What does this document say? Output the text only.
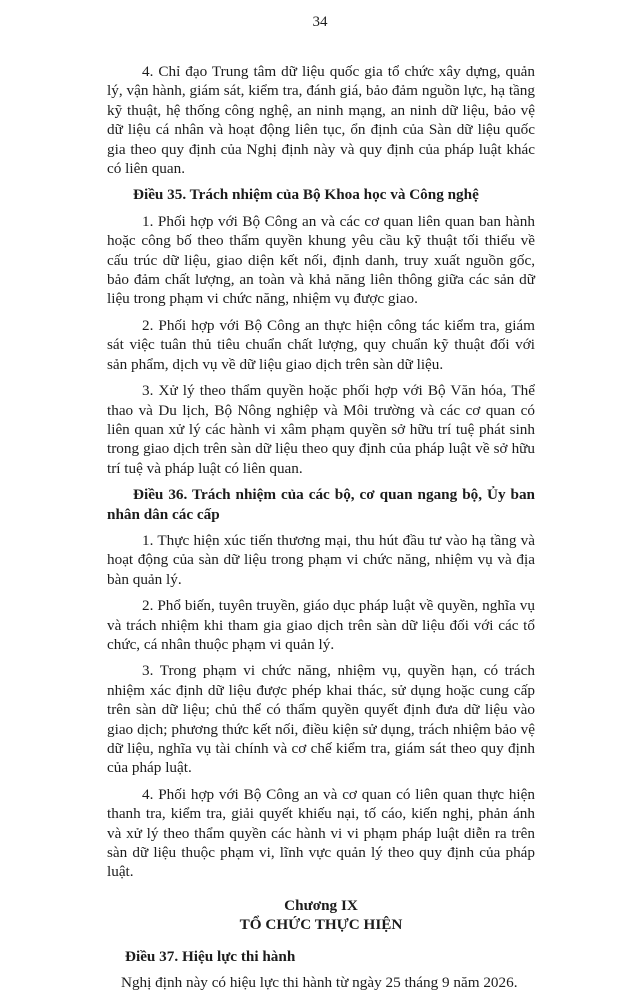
34

4. Chỉ đạo Trung tâm dữ liệu quốc gia tổ chức xây dựng, quản lý, vận hành, giám sát, kiểm tra, đánh giá, bảo đảm nguồn lực, hạ tầng kỹ thuật, hệ thống công nghệ, an ninh mạng, an ninh dữ liệu, bảo vệ dữ liệu cá nhân và hoạt động liên tục, ổn định của Sàn dữ liệu quốc gia theo quy định của Nghị định này và quy định của pháp luật khác có liên quan.

Điều 35. Trách nhiệm của Bộ Khoa học và Công nghệ

1. Phối hợp với Bộ Công an và các cơ quan liên quan ban hành hoặc công bố theo thẩm quyền khung yêu cầu kỹ thuật tối thiểu về cấu trúc dữ liệu, giao diện kết nối, định danh, truy xuất nguồn gốc, bảo đảm chất lượng, an toàn và khả năng liên thông giữa các sản dữ liệu trong phạm vi chức năng, nhiệm vụ được giao.

2. Phối hợp với Bộ Công an thực hiện công tác kiểm tra, giám sát việc tuân thủ tiêu chuẩn chất lượng, quy chuẩn kỹ thuật đối với sản phẩm, dịch vụ về dữ liệu giao dịch trên sàn dữ liệu.

3. Xử lý theo thẩm quyền hoặc phối hợp với Bộ Văn hóa, Thể thao và Du lịch, Bộ Nông nghiệp và Môi trường và các cơ quan có liên quan xử lý các hành vi xâm phạm quyền sở hữu trí tuệ phát sinh trong giao dịch trên sàn dữ liệu theo quy định của pháp luật về sở hữu trí tuệ và pháp luật có liên quan.

Điều 36. Trách nhiệm của các bộ, cơ quan ngang bộ, Ủy ban nhân dân các cấp

1. Thực hiện xúc tiến thương mại, thu hút đầu tư vào hạ tầng và hoạt động của sàn dữ liệu trong phạm vi chức năng, nhiệm vụ và địa bàn quản lý.

2. Phổ biến, tuyên truyền, giáo dục pháp luật về quyền, nghĩa vụ và trách nhiệm khi tham gia giao dịch trên sàn dữ liệu đối với các tổ chức, cá nhân thuộc phạm vi quản lý.

3. Trong phạm vi chức năng, nhiệm vụ, quyền hạn, có trách nhiệm xác định dữ liệu được phép khai thác, sử dụng hoặc cung cấp trên sàn dữ liệu; chủ thể có thẩm quyền quyết định đưa dữ liệu vào giao dịch; phương thức kết nối, điều kiện sử dụng, trách nhiệm bảo vệ dữ liệu, nghĩa vụ tài chính và cơ chế kiểm tra, giám sát theo quy định của pháp luật.

4. Phối hợp với Bộ Công an và cơ quan có liên quan thực hiện thanh tra, kiểm tra, giải quyết khiếu nại, tố cáo, kiến nghị, phản ánh và xử lý theo thẩm quyền các hành vi vi phạm pháp luật diễn ra trên sàn dữ liệu thuộc phạm vi, lĩnh vực quản lý theo quy định của pháp luật.

Chương IX

TỔ CHỨC THỰC HIỆN

Điều 37. Hiệu lực thi hành

Nghị định này có hiệu lực thi hành từ ngày 25 tháng 9 năm 2026.
